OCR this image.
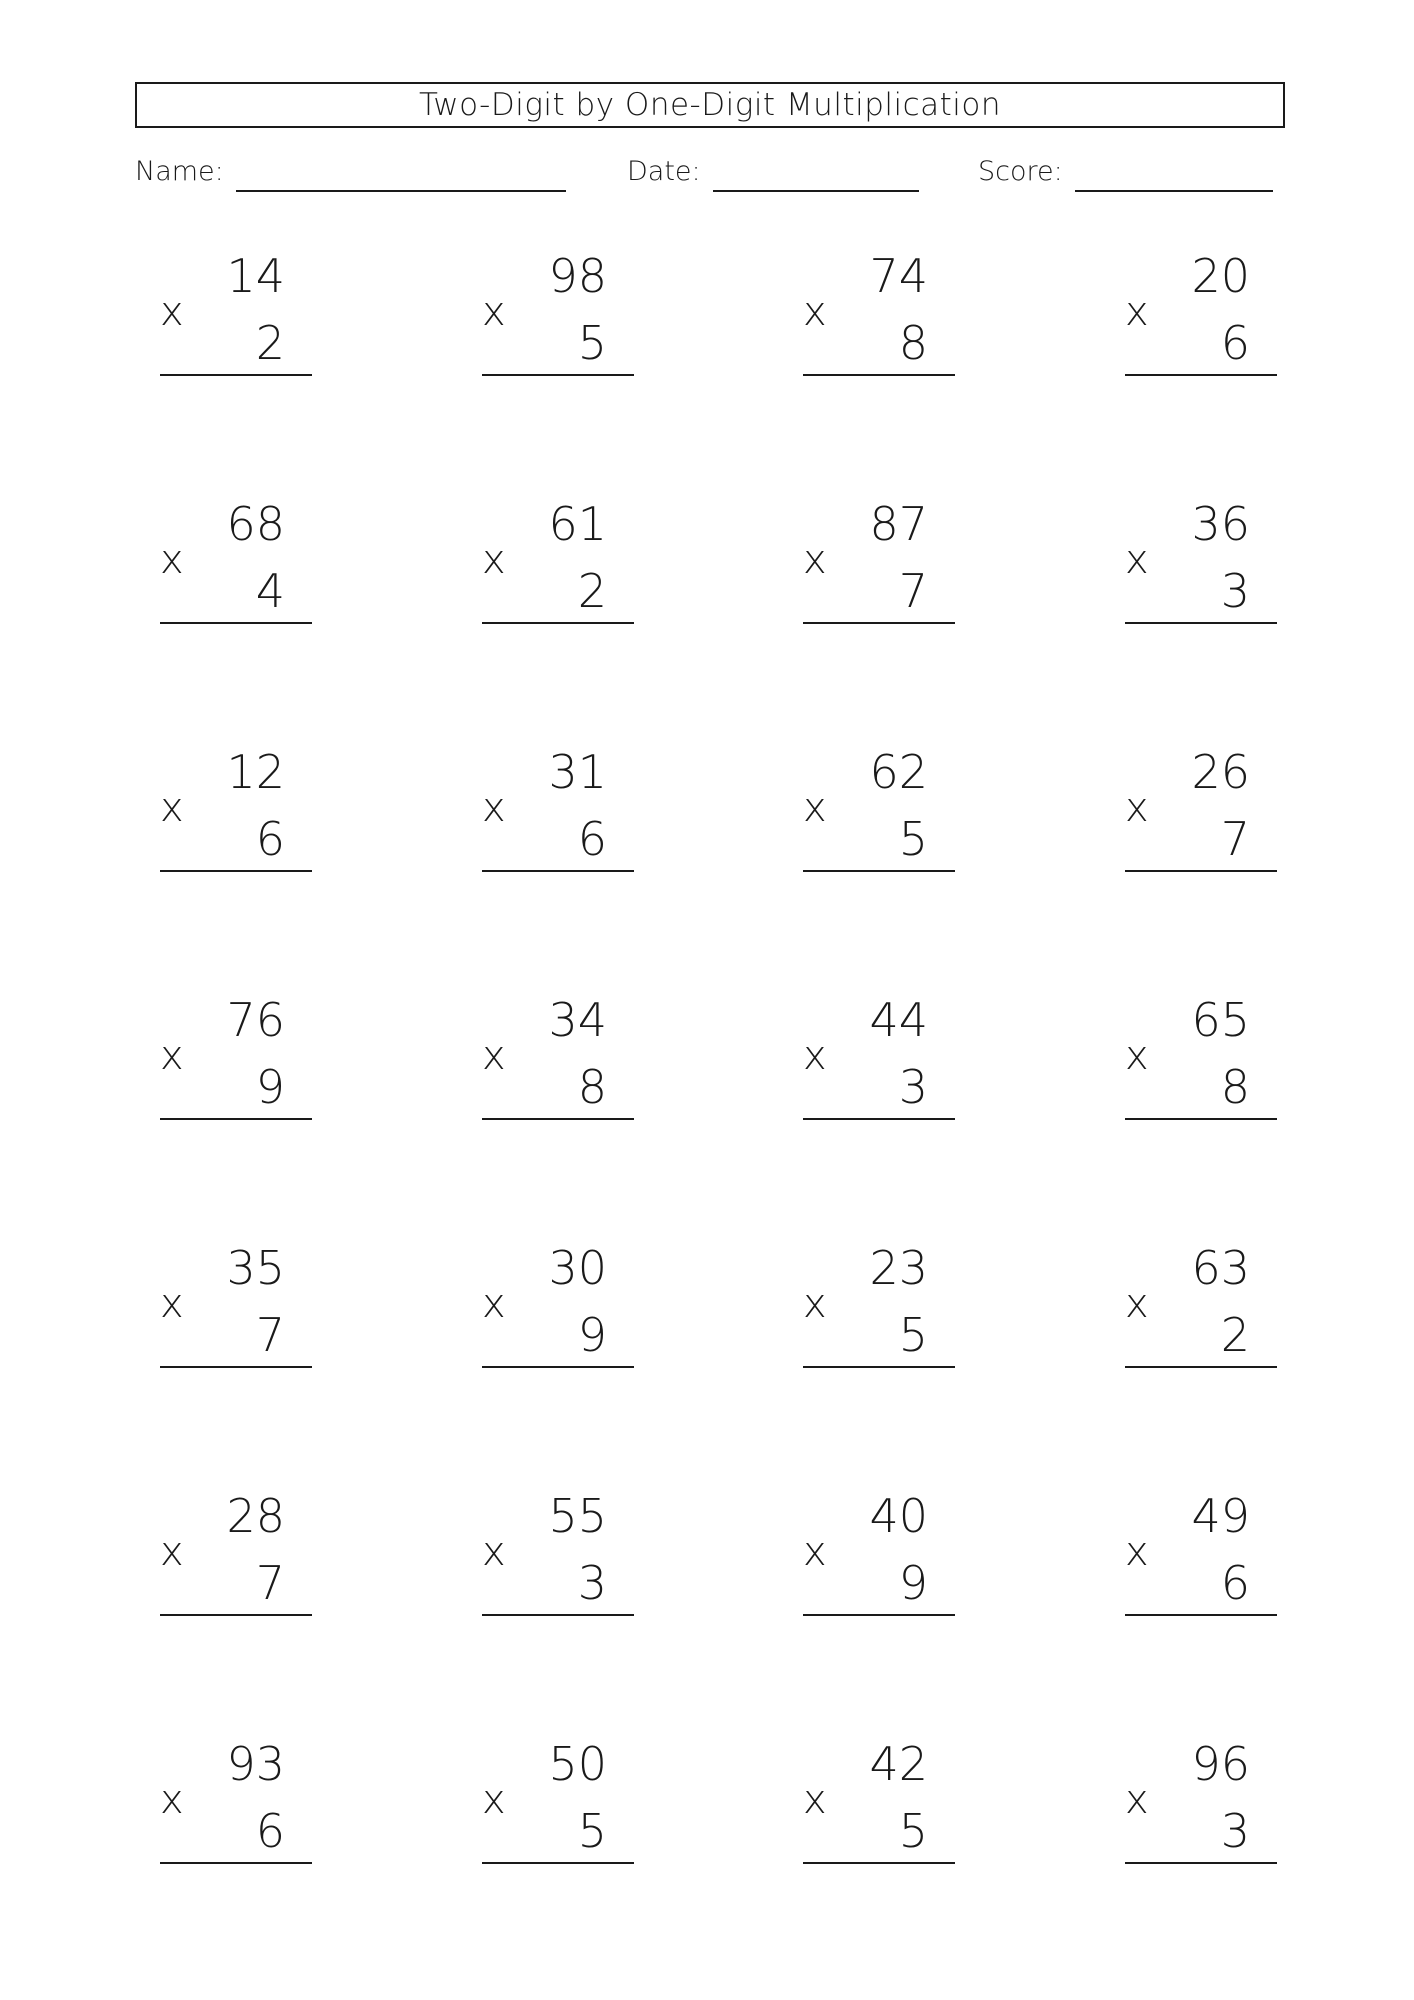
Two-Digit by One-Digit Multiplication
Name:	Date:	Score:
x
14
2
x
98
5
x
74
8
x
20
6
x
68
4
x
61
2
x
87
7
x
36
3
x
12
6
x
31
6
x
62
5
x
26
7
x
76
9
x
34
8
x
44
3
x
65
8
x
35
7
x
30
9
x
23
5
x
63
2
x
28
7
x
55
3
x
40
9
x
49
6
x
93
6
x
50
5
x
42
5
x
96
3
